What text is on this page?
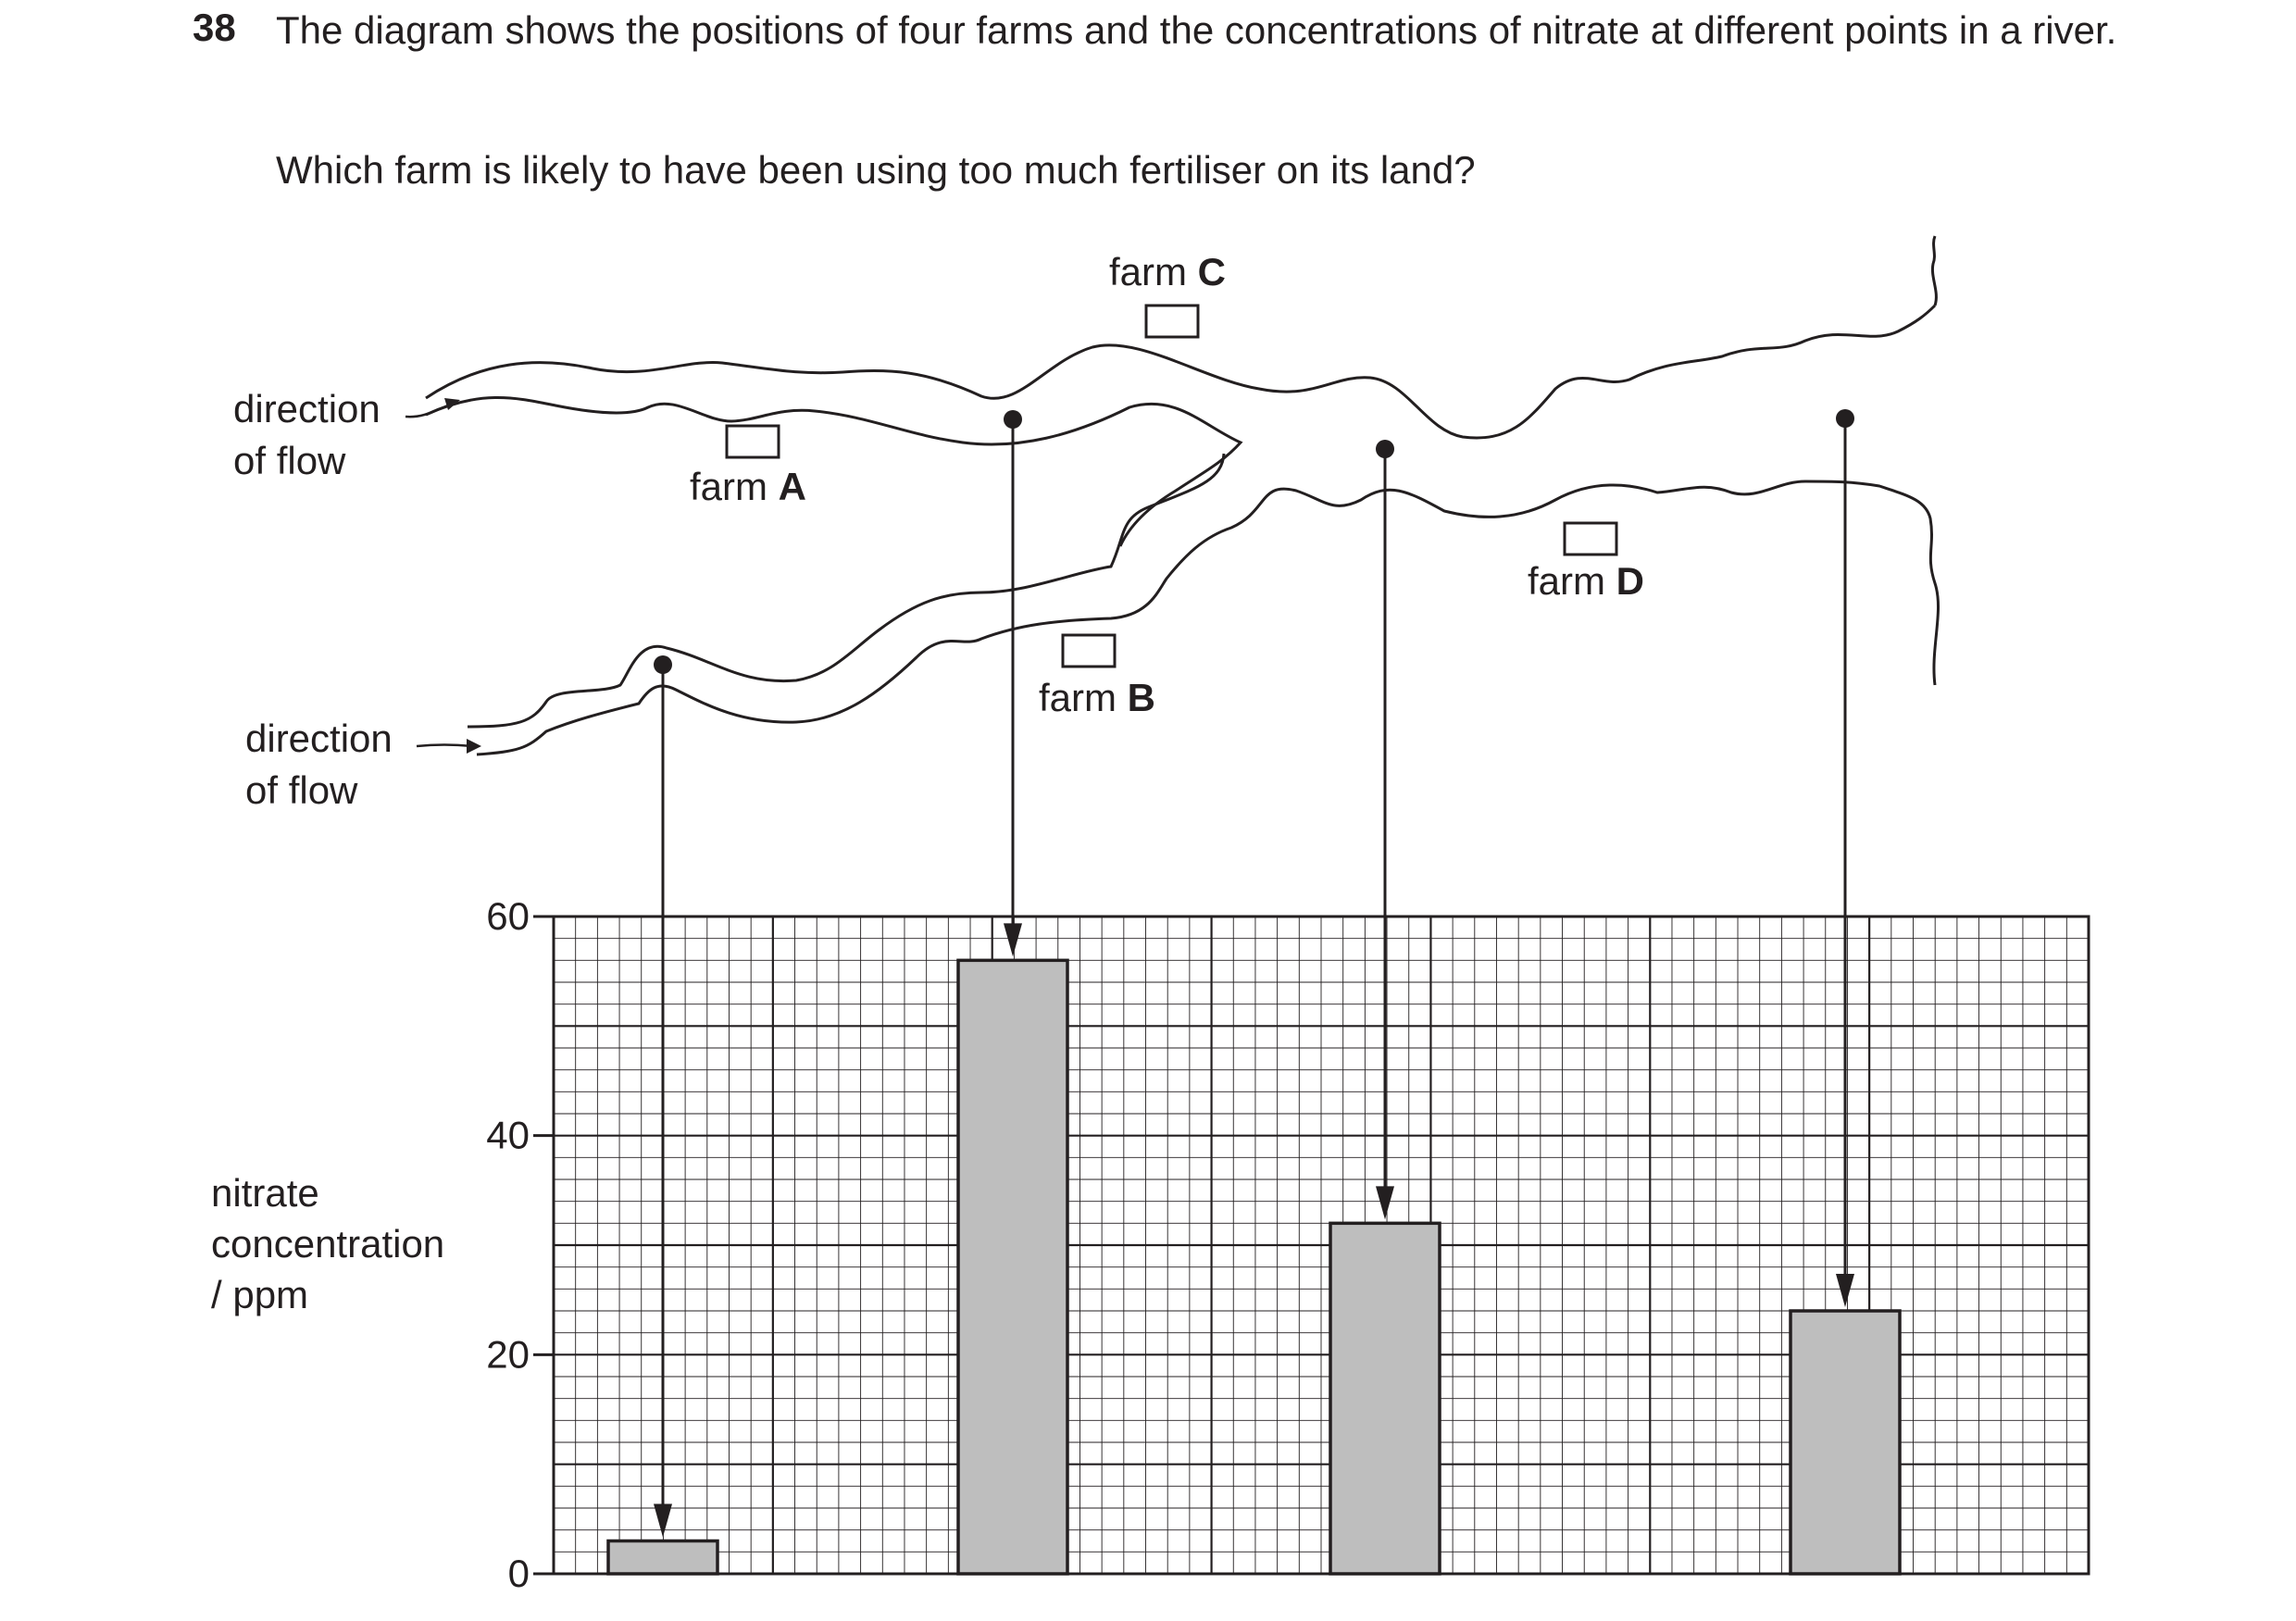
38 The diagram shows the positions of four farms and the concentrations of nitrate at different points in a river.
Which farm is likely to have been using too much fertiliser on its land?
farm C
farm A
farm B
farm D
direction of flow
direction of flow
nitrate concentration / ppm
0
20
40
60
